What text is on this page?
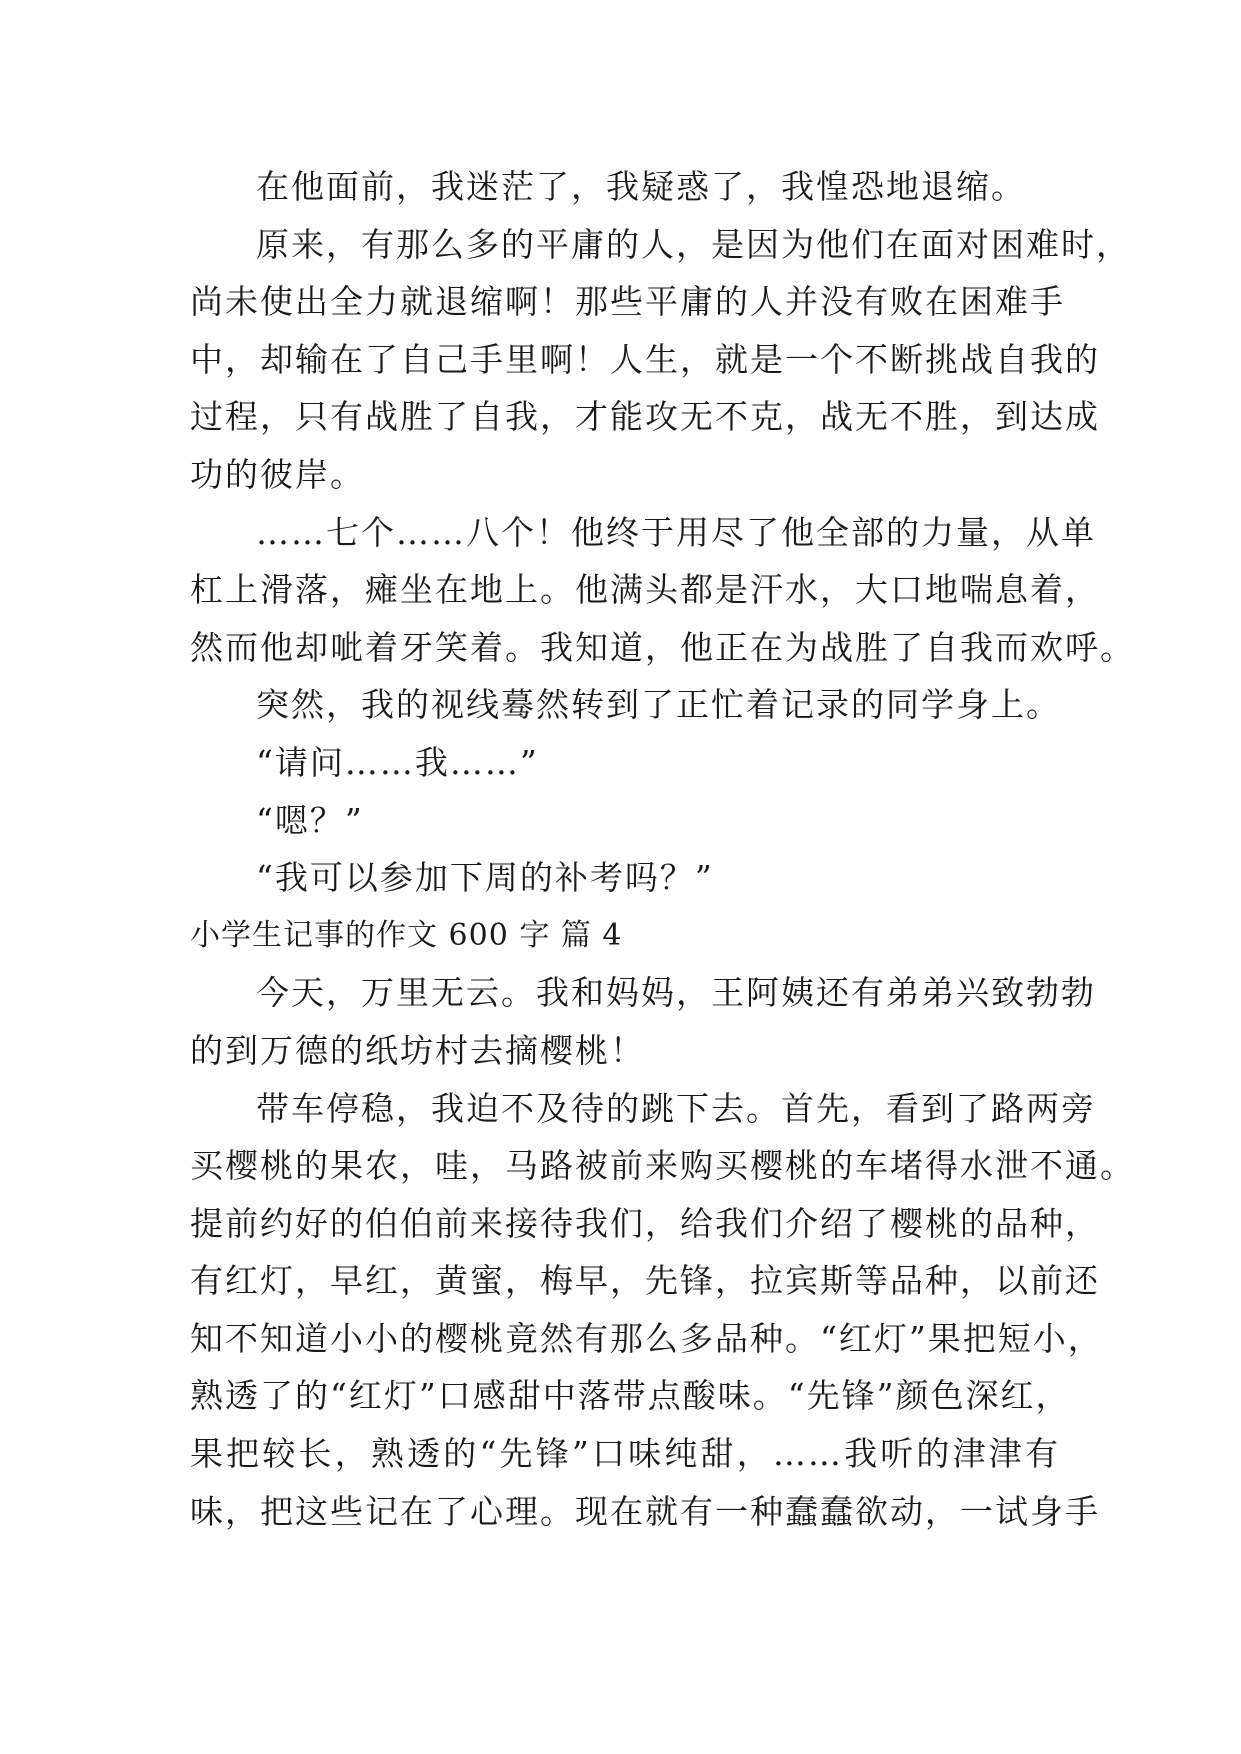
在他面前，我迷茫了，我疑惑了，我惶恐地退缩。
原来，有那么多的平庸的人，是因为他们在面对困难时，
尚未使出全力就退缩啊！那些平庸的人并没有败在困难手
中，却输在了自己手里啊！人生，就是一个不断挑战自我的
过程，只有战胜了自我，才能攻无不克，战无不胜，到达成
功的彼岸。
……七个……八个！他终于用尽了他全部的力量，从单
杠上滑落，瘫坐在地上。他满头都是汗水，大口地喘息着，
然而他却呲着牙笑着。我知道，他正在为战胜了自我而欢呼。
突然，我的视线蓦然转到了正忙着记录的同学身上。
“请问……我……”
“嗯？”
“我可以参加下周的补考吗？”
小学生记事的作文 600 字 篇 4
今天，万里无云。我和妈妈，王阿姨还有弟弟兴致勃勃
的到万德的纸坊村去摘樱桃！
带车停稳，我迫不及待的跳下去。首先，看到了路两旁
买樱桃的果农，哇，马路被前来购买樱桃的车堵得水泄不通。
提前约好的伯伯前来接待我们，给我们介绍了樱桃的品种，
有红灯，早红，黄蜜，梅早，先锋，拉宾斯等品种，以前还
知不知道小小的樱桃竟然有那么多品种。“红灯”果把短小，
熟透了的“红灯”口感甜中落带点酸味。“先锋”颜色深红，
果把较长，熟透的“先锋”口味纯甜，……我听的津津有
味，把这些记在了心理。现在就有一种蠢蠢欲动，一试身手
